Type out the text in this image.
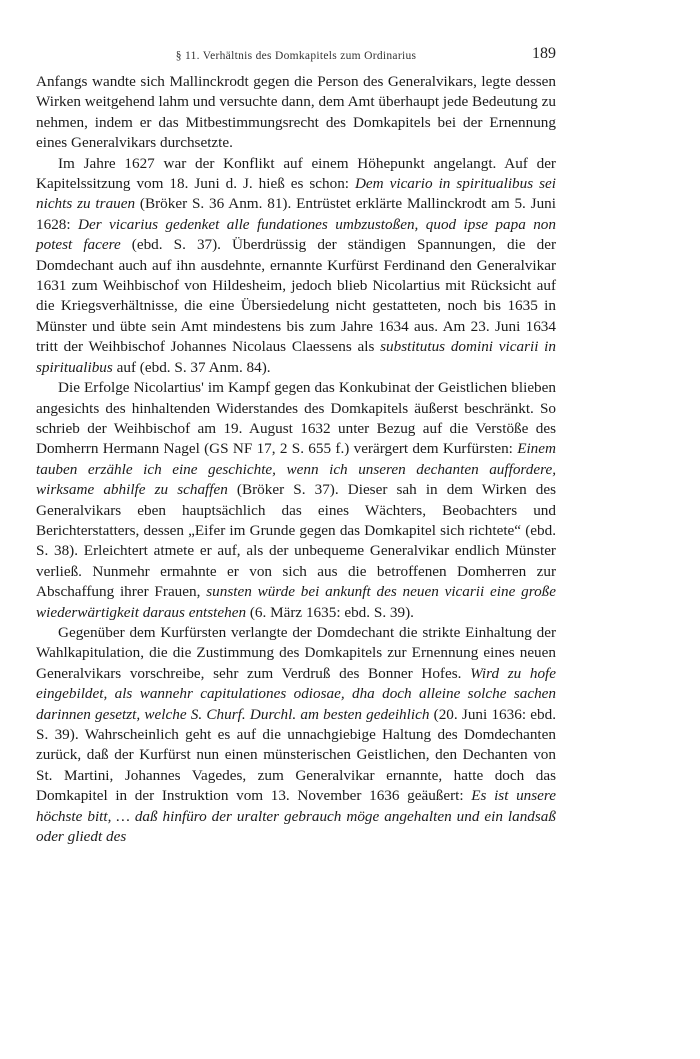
§ 11. Verhältnis des Domkapitels zum Ordinarius	189

Anfangs wandte sich Mallinckrodt gegen die Person des Generalvikars, legte dessen Wirken weitgehend lahm und versuchte dann, dem Amt überhaupt jede Bedeutung zu nehmen, indem er das Mitbestimmungsrecht des Domkapitels bei der Ernennung eines Generalvikars durchsetzte.

Im Jahre 1627 war der Konflikt auf einem Höhepunkt angelangt. Auf der Kapitelssitzung vom 18. Juni d. J. hieß es schon: Dem vicario in spiritualibus sei nichts zu trauen (Bröker S. 36 Anm. 81). Entrüstet erklärte Mallinckrodt am 5. Juni 1628: Der vicarius gedenket alle fundationes umbzustoßen, quod ipse papa non potest facere (ebd. S. 37). Überdrüssig der ständigen Spannungen, die der Domdechant auch auf ihn ausdehnte, ernannte Kurfürst Ferdinand den Generalvikar 1631 zum Weihbischof von Hildesheim, jedoch blieb Nicolartius mit Rücksicht auf die Kriegsverhältnisse, die eine Übersiedelung nicht gestatteten, noch bis 1635 in Münster und übte sein Amt mindestens bis zum Jahre 1634 aus. Am 23. Juni 1634 tritt der Weihbischof Johannes Nicolaus Claessens als substitutus domini vicarii in spiritualibus auf (ebd. S. 37 Anm. 84).

Die Erfolge Nicolartius' im Kampf gegen das Konkubinat der Geistlichen blieben angesichts des hinhaltenden Widerstandes des Domkapitels äußerst beschränkt. So schrieb der Weihbischof am 19. August 1632 unter Bezug auf die Verstöße des Domherrn Hermann Nagel (GS NF 17, 2 S. 655 f.) verärgert dem Kurfürsten: Einem tauben erzähle ich eine geschichte, wenn ich unseren dechanten auffordere, wirksame abhilfe zu schaffen (Bröker S. 37). Dieser sah in dem Wirken des Generalvikars eben hauptsächlich das eines Wächters, Beobachters und Berichterstatters, dessen „Eifer im Grunde gegen das Domkapitel sich richtete“ (ebd. S. 38). Erleichtert atmete er auf, als der unbequeme Generalvikar endlich Münster verließ. Nunmehr ermahnte er von sich aus die betroffenen Domherren zur Abschaffung ihrer Frauen, sunsten würde bei ankunft des neuen vicarii eine große wiederwärtigkeit daraus entstehen (6. März 1635: ebd. S. 39).

Gegenüber dem Kurfürsten verlangte der Domdechant die strikte Einhaltung der Wahlkapitulation, die die Zustimmung des Domkapitels zur Ernennung eines neuen Generalvikars vorschreibe, sehr zum Verdruß des Bonner Hofes. Wird zu hofe eingebildet, als wannehr capitulationes odiosae, dha doch alleine solche sachen darinnen gesetzt, welche S. Churf. Durchl. am besten gedeihlich (20. Juni 1636: ebd. S. 39). Wahrscheinlich geht es auf die unnachgiebige Haltung des Domdechanten zurück, daß der Kurfürst nun einen münsterischen Geistlichen, den Dechanten von St. Martini, Johannes Vagedes, zum Generalvikar ernannte, hatte doch das Domkapitel in der Instruktion vom 13. November 1636 geäußert: Es ist unsere höchste bitt, … daß hinfüro der uralter gebrauch möge angehalten und ein landsaß oder gliedt des
